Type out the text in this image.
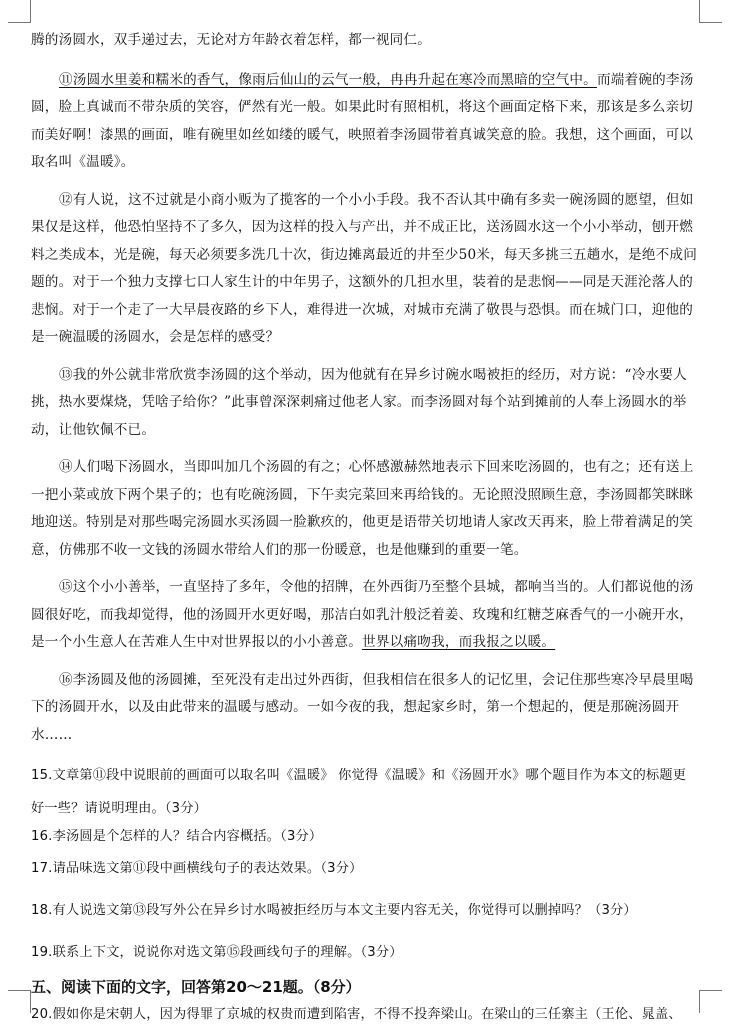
腾的汤圆水，双手递过去，无论对方年龄衣着怎样，都一视同仁。

⑪汤圆水里姜和糯米的香气，像雨后仙山的云气一般，冉冉升起在寒冷而黑暗的空气中。而端着碗的李汤圆，脸上真诚而不带杂质的笑容，俨然有光一般。如果此时有照相机，将这个画面定格下来，那该是多么亲切而美好啊！漆黑的画面，唯有碗里如丝如缕的暖气，映照着李汤圆带着真诚笑意的脸。我想，这个画面，可以取名叫《温暖》。

⑫有人说，这不过就是小商小贩为了揽客的一个小小手段。我不否认其中确有多卖一碗汤圆的愿望，但如果仅是这样，他恐怕坚持不了多久，因为这样的投入与产出，并不成正比，送汤圆水这一个小小举动，刨开燃料之类成本，光是碗，每天必须要多洗几十次，街边摊离最近的井至少50米，每天多挑三五趟水，是绝不成问题的。对于一个独力支撑七口人家生计的中年男子，这额外的几担水里，装着的是悲悯——同是天涯沦落人的悲悯。对于一个走了一大早晨夜路的乡下人，难得进一次城，对城市充满了敬畏与恐惧。而在城门口，迎他的是一碗温暖的汤圆水，会是怎样的感受？

⑬我的外公就非常欣赏李汤圆的这个举动，因为他就有在异乡讨碗水喝被拒的经历，对方说：“冷水要人挑，热水要煤烧，凭啥子给你？”此事曾深深刺痛过他老人家。而李汤圆对每个站到摊前的人奉上汤圆水的举动，让他钦佩不已。

⑭人们喝下汤圆水，当即叫加几个汤圆的有之；心怀感激赫然地表示下回来吃汤圆的，也有之；还有送上一把小菜或放下两个果子的；也有吃碗汤圆，下午卖完菜回来再给钱的。无论照没照顾生意，李汤圆都笑眯眯地迎送。特别是对那些喝完汤圆水买汤圆一脸歉疚的，他更是语带关切地请人家改天再来，脸上带着满足的笑意，仿佛那不收一文钱的汤圆水带给人们的那一份暖意，也是他赚到的重要一笔。

⑮这个小小善举，一直坚持了多年，令他的招牌，在外西街乃至整个县城，都响当当的。人们都说他的汤圆很好吃，而我却觉得，他的汤圆开水更好喝，那洁白如乳汁般泛着姜、玫瑰和红糖芝麻香气的一小碗开水，是一个小生意人在苦难人生中对世界报以的小小善意。世界以痛吻我，而我报之以暖。

⑯李汤圆及他的汤圆摊，至死没有走出过外西街，但我相信在很多人的记忆里，会记住那些寒冷早晨里喝下的汤圆开水，以及由此带来的温暖与感动。一如今夜的我，想起家乡时，第一个想起的，便是那碗汤圆开水……

15.文章第⑪段中说眼前的画面可以取名叫《温暖》 你觉得《温暖》和《汤圆开水》哪个题目作为本文的标题更好一些？请说明理由。（3分）

16.李汤圆是个怎样的人？结合内容概括。（3分）

17.请品味选文第⑪段中画横线句子的表达效果。（3分）

18.有人说选文第⑬段写外公在异乡讨水喝被拒经历与本文主要内容无关，你觉得可以删掉吗？（3分）

19.联系上下文，说说你对选文第⑮段画线句子的理解。（3分）

五、阅读下面的文字，回答第20～21题。（8分）

20.假如你是宋朝人，因为得罪了京城的权贵而遭到陷害，不得不投奔梁山。在梁山的三任寨主（王伦、晁盖、
